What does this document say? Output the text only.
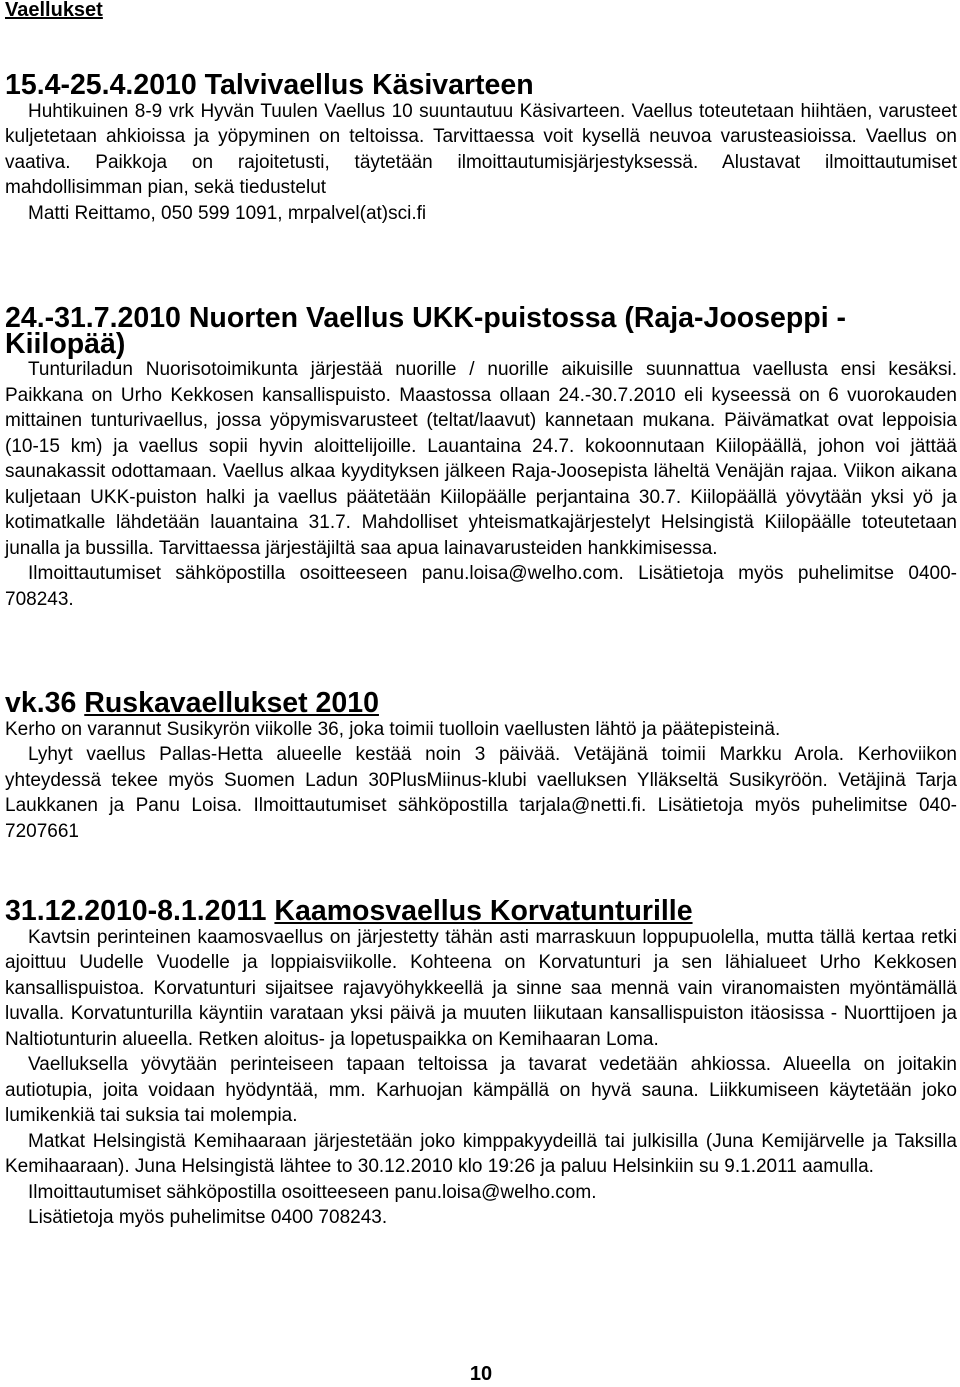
Vaellukset
15.4-25.4.2010 Talvivaellus Käsivarteen

Huhtikuinen 8-9 vrk Hyvän Tuulen Vaellus 10 suuntautuu Käsivarteen. Vaellus toteutetaan hiihtäen, varusteet kuljetetaan ahkioissa ja yöpyminen on teltoissa. Tarvittaessa voit kysellä neuvoa varusteasioissa. Vaellus on vaativa. Paikkoja on rajoitetusti, täytetään ilmoittautumisjärjestyksessä. Alustavat ilmoittautumiset mahdollisimman pian, sekä tiedustelut

Matti Reittamo, 050 599 1091, mrpalvel(at)sci.fi

24.-31.7.2010 Nuorten Vaellus UKK-puistossa (Raja-Jooseppi - Kiilopää)

Tunturiladun Nuorisotoimikunta järjestää nuorille / nuorille aikuisille suunnattua vaellusta ensi kesäksi. Paikkana on Urho Kekkosen kansallispuisto. Maastossa ollaan 24.-30.7.2010 eli kyseessä on 6 vuorokauden mittainen tunturivaellus, jossa yöpymisvarusteet (teltat/laavut) kannetaan mukana. Päivämatkat ovat leppoisia (10-15 km) ja vaellus sopii hyvin aloittelijoille. Lauantaina 24.7. kokoonnutaan Kiilopäällä, johon voi jättää saunakassit odottamaan. Vaellus alkaa kyydityksen jälkeen Raja-Joosepista läheltä Venäjän rajaa. Viikon aikana kuljetaan UKK-puiston halki ja vaellus päätetään Kiilopäälle perjantaina 30.7. Kiilopäällä yövytään yksi yö ja kotimatkalle lähdetään lauantaina 31.7. Mahdolliset yhteismatkajärjestelyt Helsingistä Kiilopäälle toteutetaan junalla ja bussilla. Tarvittaessa järjestäjiltä saa apua lainavarusteiden hankkimisessa.

Ilmoittautumiset sähköpostilla osoitteeseen panu.loisa@welho.com. Lisätietoja myös puhelimitse 0400-708243.

vk.36 Ruskavaellukset 2010

Kerho on varannut Susikyrön viikolle 36, joka toimii tuolloin vaellusten lähtö ja päätepisteinä.

Lyhyt vaellus Pallas-Hetta alueelle kestää noin 3 päivää. Vetäjänä toimii Markku Arola. Kerhoviikon yhteydessä tekee myös Suomen Ladun 30PlusMiinus-klubi vaelluksen Ylläkseltä Susikyröön. Vetäjinä Tarja Laukkanen ja Panu Loisa. Ilmoittautumiset sähköpostilla tarjala@netti.fi. Lisätietoja myös puhelimitse 040-7207661

31.12.2010-8.1.2011 Kaamosvaellus Korvatunturille

Kavtsin perinteinen kaamosvaellus on järjestetty tähän asti marraskuun loppupuolella, mutta tällä kertaa retki ajoittuu Uudelle Vuodelle ja loppiaisviikolle. Kohteena on Korvatunturi ja sen lähialueet Urho Kekkosen kansallispuistoa. Korvatunturi sijaitsee rajavyöhykkeellä ja sinne saa mennä vain viranomaisten myöntämällä luvalla. Korvatunturilla käyntiin varataan yksi päivä ja muuten liikutaan kansallispuiston itäosissa - Nuorttijoen ja Naltiotunturin alueella. Retken aloitus- ja lopetuspaikka on Kemihaaran Loma.

Vaelluksella yövytään perinteiseen tapaan teltoissa ja tavarat vedetään ahkiossa. Alueella on joitakin autiotupia, joita voidaan hyödyntää, mm. Karhuojan kämpällä on hyvä sauna. Liikkumiseen käytetään joko lumikenkiä tai suksia tai molempia.

Matkat Helsingistä Kemihaaraan järjestetään joko kimppakyydeillä tai julkisilla (Juna Kemijärvelle ja Taksilla Kemihaaraan). Juna Helsingistä lähtee to 30.12.2010 klo 19:26 ja paluu Helsinkiin su 9.1.2011 aamulla.

Ilmoittautumiset sähköpostilla osoitteeseen panu.loisa@welho.com.

Lisätietoja myös puhelimitse 0400 708243.

10
